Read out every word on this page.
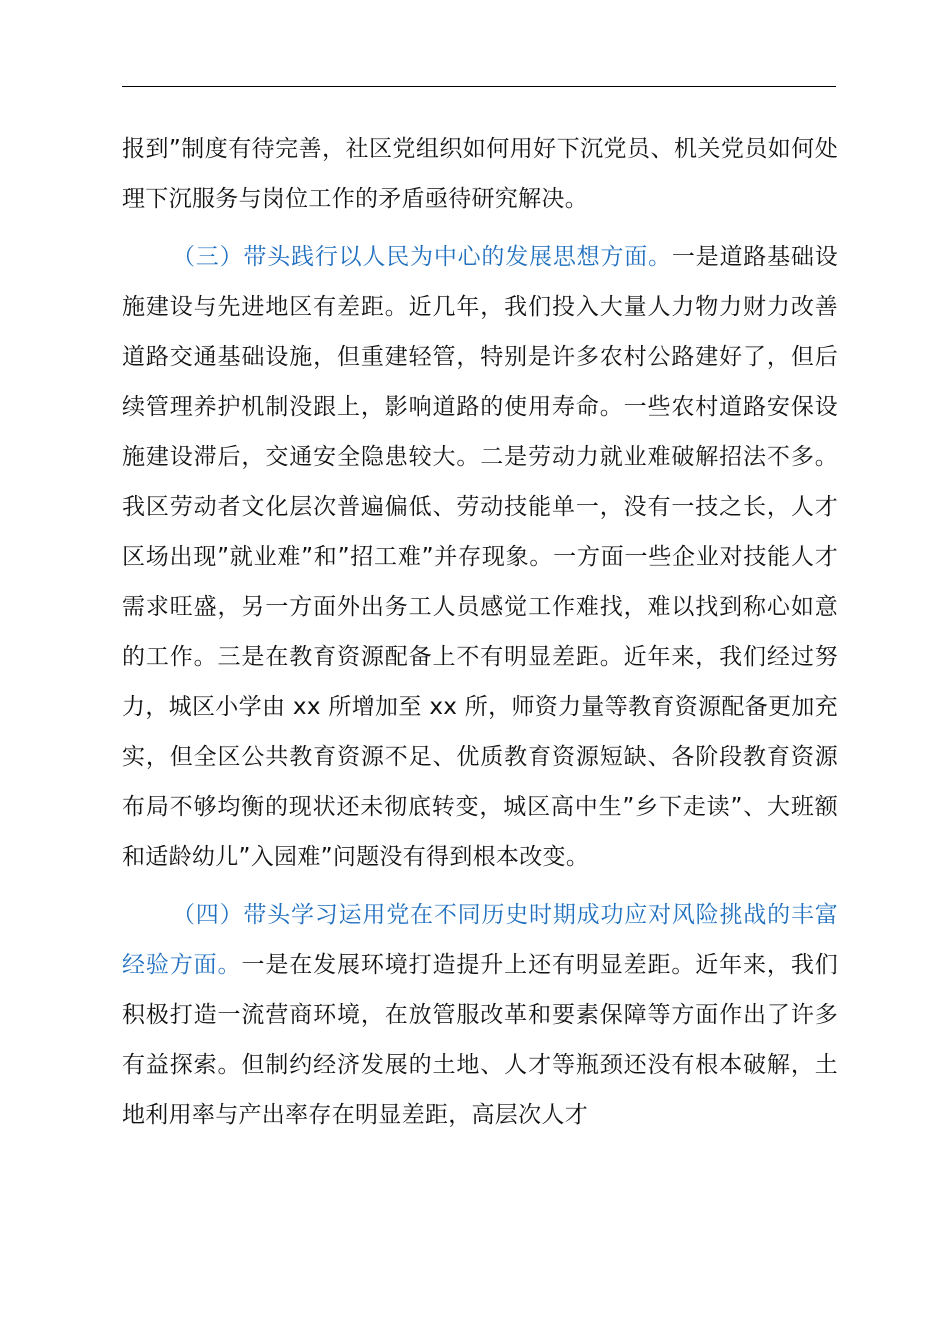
报到”制度有待完善，社区党组织如何用好下沉党员、机关党员如何处理下沉服务与岗位工作的矛盾亟待研究解决。

（三）带头践行以人民为中心的发展思想方面。一是道路基础设施建设与先进地区有差距。近几年，我们投入大量人力物力财力改善道路交通基础设施，但重建轻管，特别是许多农村公路建好了，但后续管理养护机制没跟上，影响道路的使用寿命。一些农村道路安保设施建设滞后，交通安全隐患较大。二是劳动力就业难破解招法不多。我区劳动者文化层次普遍偏低、劳动技能单一，没有一技之长，人才区场出现”就业难”和”招工难”并存现象。一方面一些企业对技能人才需求旺盛，另一方面外出务工人员感觉工作难找，难以找到称心如意的工作。三是在教育资源配备上不有明显差距。近年来，我们经过努力，城区小学由 xx 所增加至 xx 所，师资力量等教育资源配备更加充实，但全区公共教育资源不足、优质教育资源短缺、各阶段教育资源布局不够均衡的现状还未彻底转变，城区高中生”乡下走读”、大班额和适龄幼儿”入园难”问题没有得到根本改变。

（四）带头学习运用党在不同历史时期成功应对风险挑战的丰富经验方面。一是在发展环境打造提升上还有明显差距。近年来，我们积极打造一流营商环境，在放管服改革和要素保障等方面作出了许多有益探索。但制约经济发展的土地、人才等瓶颈还没有根本破解，土地利用率与产出率存在明显差距，高层次人才
